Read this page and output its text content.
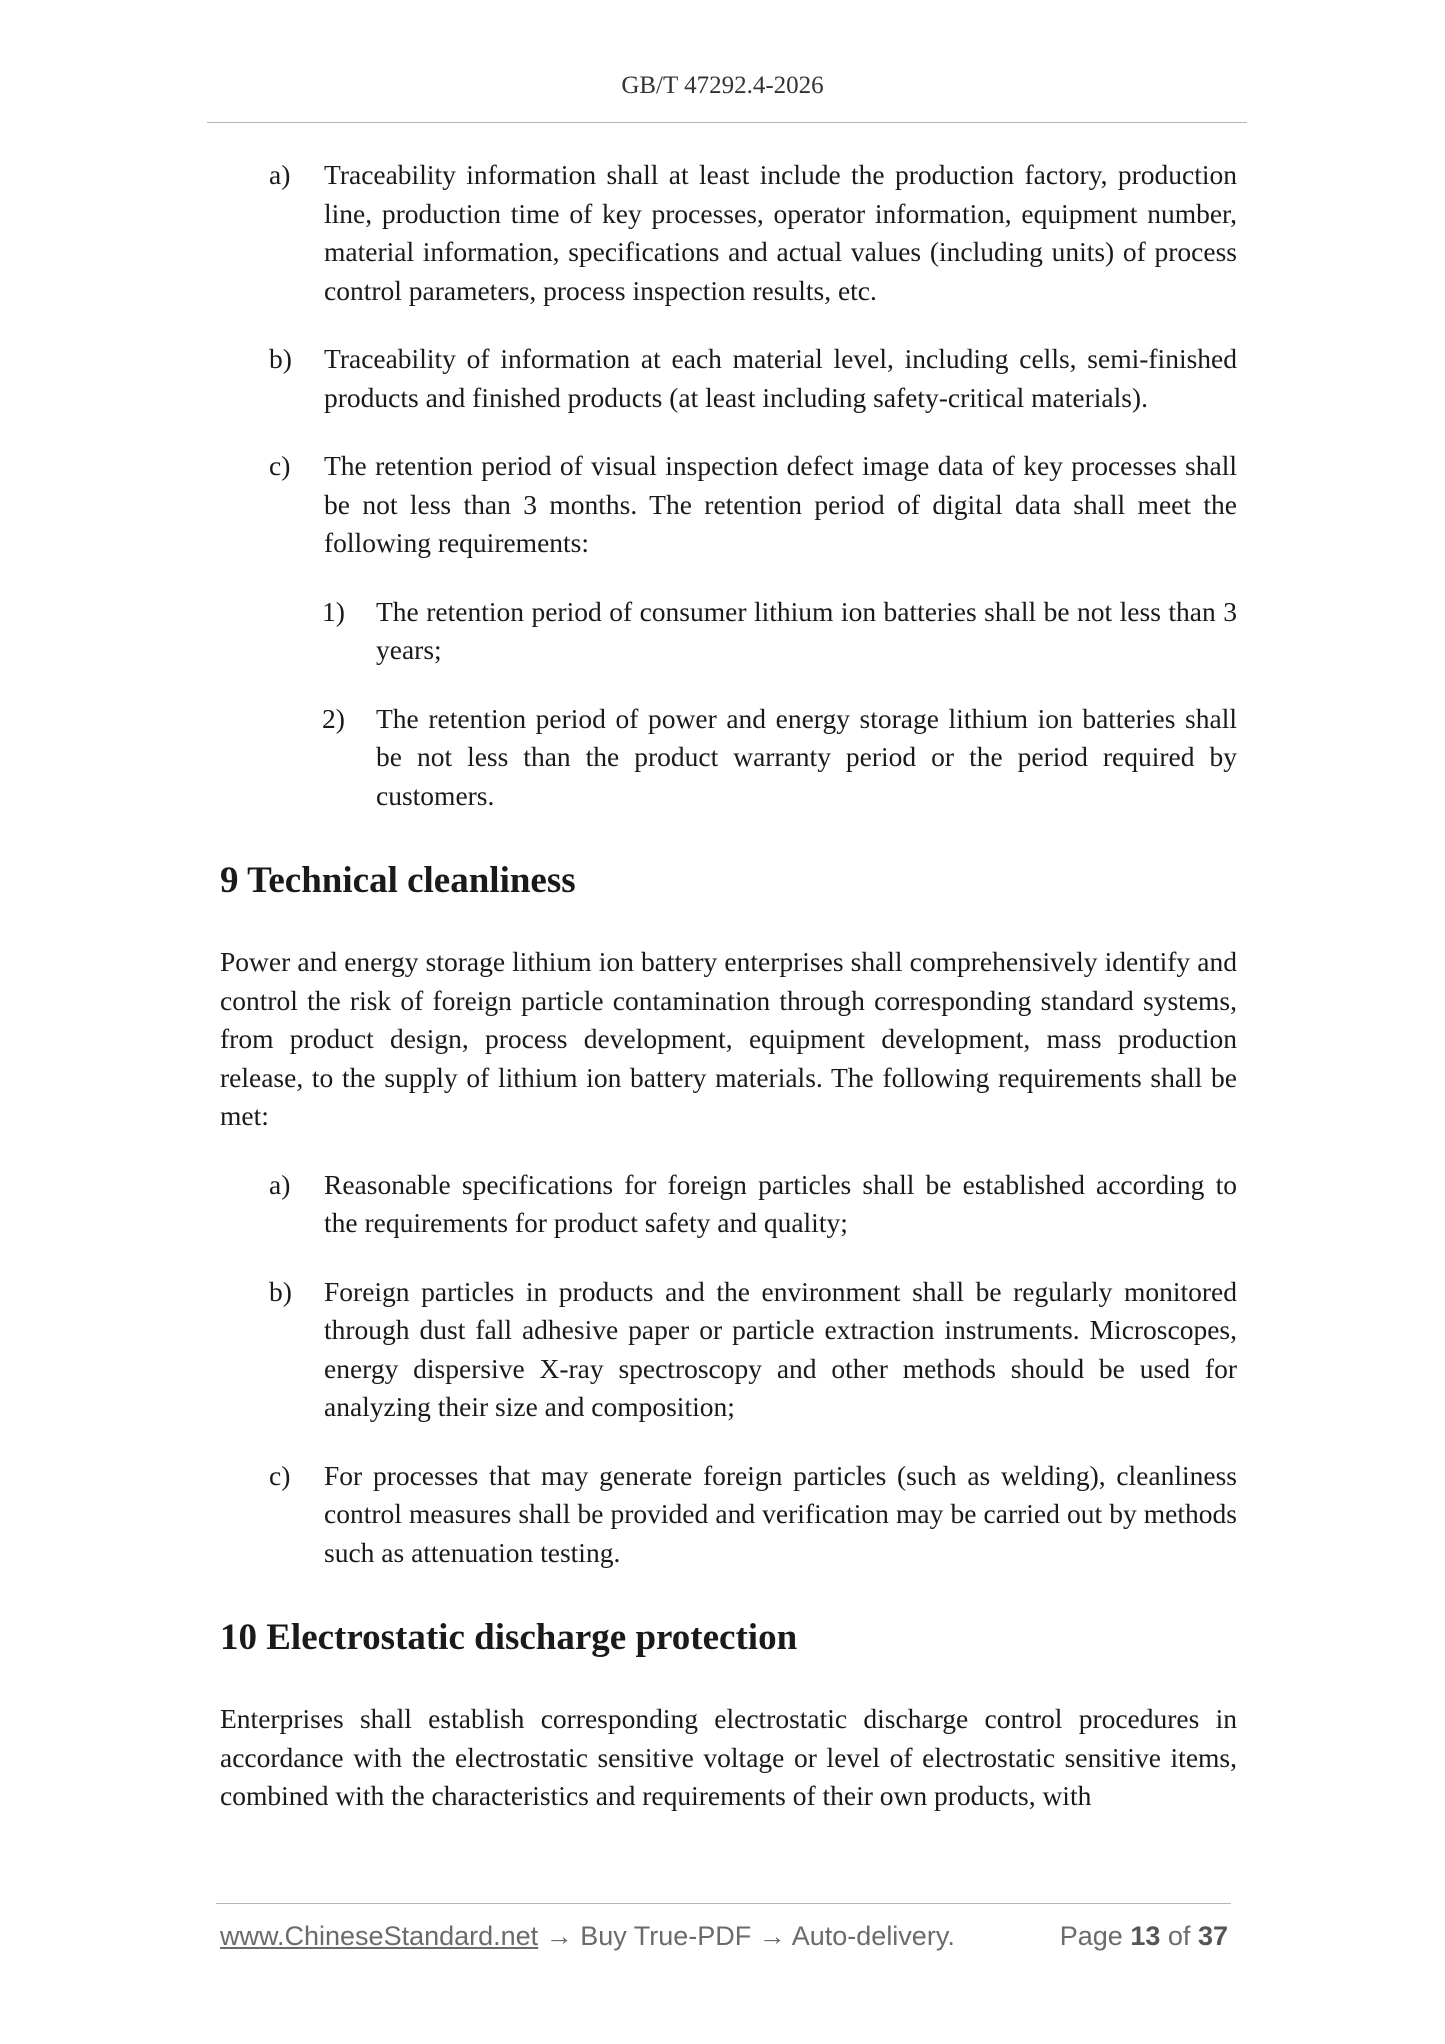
GB/T 47292.4-2026
a) Traceability information shall at least include the production factory, production line, production time of key processes, operator information, equipment number, material information, specifications and actual values (including units) of process control parameters, process inspection results, etc.
b) Traceability of information at each material level, including cells, semi-finished products and finished products (at least including safety-critical materials).
c) The retention period of visual inspection defect image data of key processes shall be not less than 3 months. The retention period of digital data shall meet the following requirements:
1) The retention period of consumer lithium ion batteries shall be not less than 3 years;
2) The retention period of power and energy storage lithium ion batteries shall be not less than the product warranty period or the period required by customers.
9 Technical cleanliness
Power and energy storage lithium ion battery enterprises shall comprehensively identify and control the risk of foreign particle contamination through corresponding standard systems, from product design, process development, equipment development, mass production release, to the supply of lithium ion battery materials. The following requirements shall be met:
a) Reasonable specifications for foreign particles shall be established according to the requirements for product safety and quality;
b) Foreign particles in products and the environment shall be regularly monitored through dust fall adhesive paper or particle extraction instruments. Microscopes, energy dispersive X-ray spectroscopy and other methods should be used for analyzing their size and composition;
c) For processes that may generate foreign particles (such as welding), cleanliness control measures shall be provided and verification may be carried out by methods such as attenuation testing.
10 Electrostatic discharge protection
Enterprises shall establish corresponding electrostatic discharge control procedures in accordance with the electrostatic sensitive voltage or level of electrostatic sensitive items, combined with the characteristics and requirements of their own products, with
www.ChineseStandard.net → Buy True-PDF → Auto-delivery.	Page 13 of 37
